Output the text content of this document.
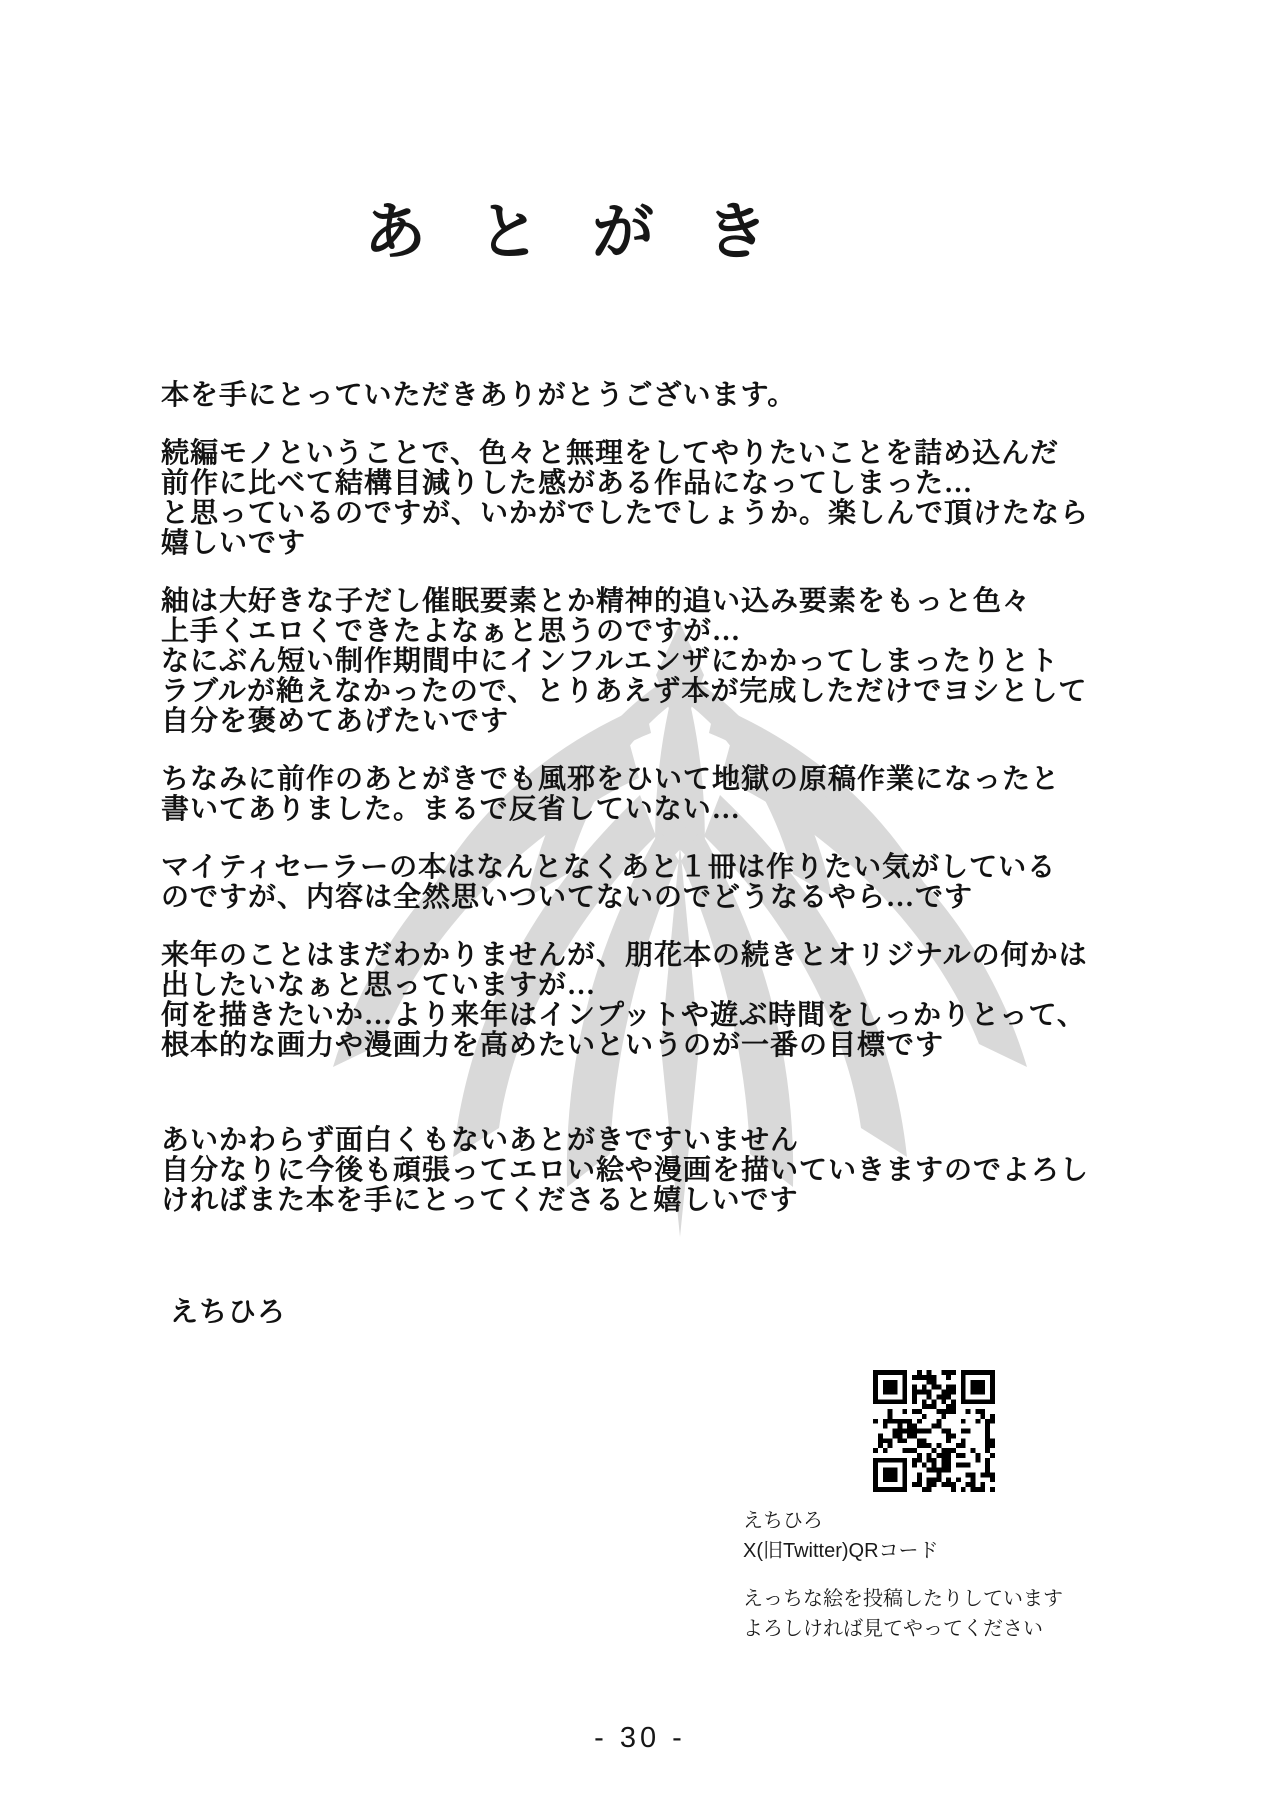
あとがき

本を手にとっていただきありがとうございます。

続編モノということで、色々と無理をしてやりたいことを詰め込んだ
前作に比べて結構目減りした感がある作品になってしまった…
と思っているのですが、いかがでしたでしょうか。楽しんで頂けたなら
嬉しいです

紬は大好きな子だし催眠要素とか精神的追い込み要素をもっと色々
上手くエロくできたよなぁと思うのですが…
なにぶん短い制作期間中にインフルエンザにかかってしまったりとト
ラブルが絶えなかったので、とりあえず本が完成しただけでヨシとして
自分を褒めてあげたいです

ちなみに前作のあとがきでも風邪をひいて地獄の原稿作業になったと
書いてありました。まるで反省していない…

マイティセーラーの本はなんとなくあと１冊は作りたい気がしている
のですが、内容は全然思いついてないのでどうなるやら…です

来年のことはまだわかりませんが、朋花本の続きとオリジナルの何かは
出したいなぁと思っていますが…
何を描きたいか…より来年はインプットや遊ぶ時間をしっかりとって、
根本的な画力や漫画力を高めたいというのが一番の目標です

あいかわらず面白くもないあとがきですいません
自分なりに今後も頑張ってエロい絵や漫画を描いていきますのでよろし
ければまた本を手にとってくださると嬉しいです

えちひろ
えちひろ
X(旧Twitter)QRコード
えっちな絵を投稿したりしています
よろしければ見てやってください
- 30 -
